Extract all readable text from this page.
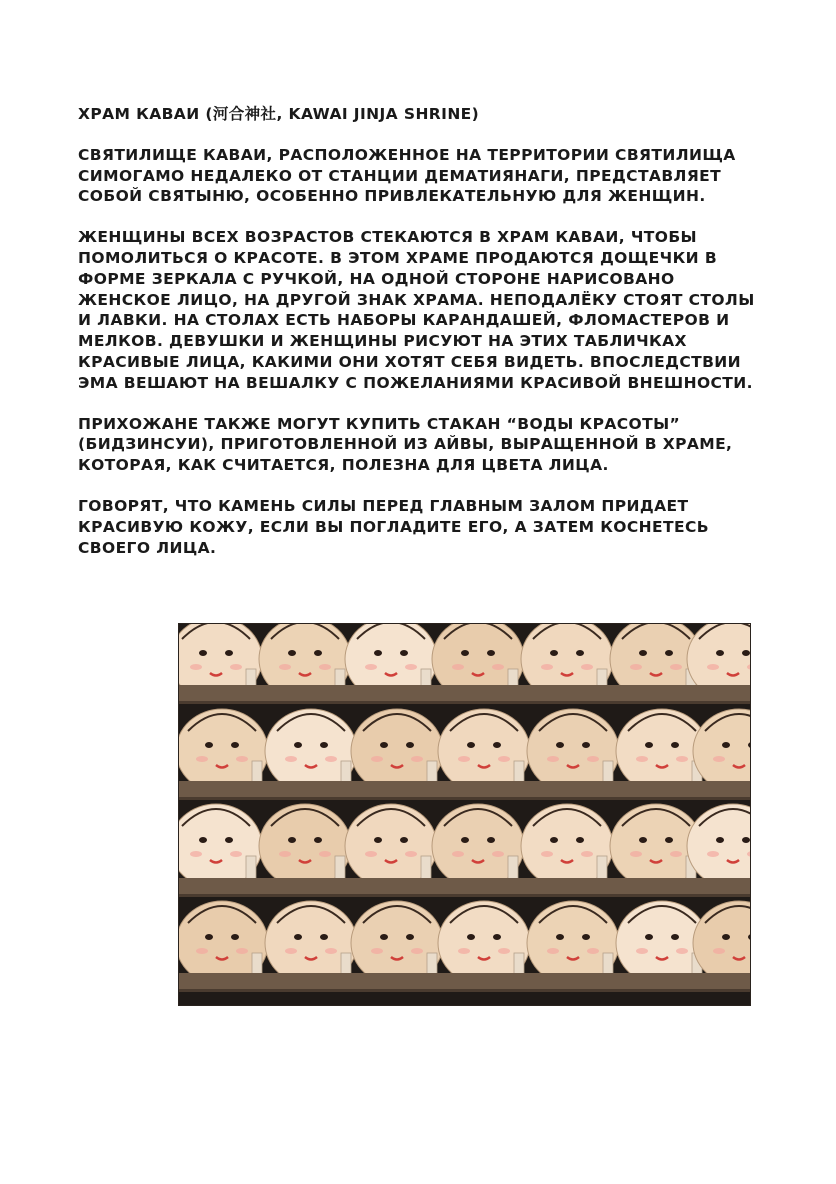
ХРАМ КАВАИ (河合神社, KAWAI JINJA SHRINE)

СВЯТИЛИЩЕ КАВАИ, РАСПОЛОЖЕННОЕ НА ТЕРРИТОРИИ СВЯТИЛИЩА СИМОГАМО НЕДАЛЕКО ОТ СТАНЦИИ ДЕМАТИЯНАГИ, ПРЕДСТАВЛЯЕТ СОБОЙ СВЯТЫНЮ, ОСОБЕННО ПРИВЛЕКАТЕЛЬНУЮ ДЛЯ ЖЕНЩИН.

ЖЕНЩИНЫ ВСЕХ ВОЗРАСТОВ СТЕКАЮТСЯ В ХРАМ КАВАИ, ЧТОБЫ ПОМОЛИТЬСЯ О КРАСОТЕ. В ЭТОМ ХРАМЕ ПРОДАЮТСЯ ДОЩЕЧКИ В ФОРМЕ ЗЕРКАЛА С РУЧКОЙ, НА ОДНОЙ СТОРОНЕ НАРИСОВАНО ЖЕНСКОЕ ЛИЦО, НА ДРУГОЙ ЗНАК ХРАМА. НЕПОДАЛЁКУ СТОЯТ СТОЛЫ И ЛАВКИ. НА СТОЛАХ ЕСТЬ НАБОРЫ КАРАНДАШЕЙ, ФЛОМАСТЕРОВ И МЕЛКОВ. ДЕВУШКИ И ЖЕНЩИНЫ РИСУЮТ НА ЭТИХ ТАБЛИЧКАХ КРАСИВЫЕ ЛИЦА, КАКИМИ ОНИ ХОТЯТ СЕБЯ ВИДЕТЬ. ВПОСЛЕДСТВИИ ЭМА ВЕШАЮТ НА ВЕШАЛКУ С ПОЖЕЛАНИЯМИ КРАСИВОЙ ВНЕШНОСТИ.

ПРИХОЖАНЕ ТАКЖЕ МОГУТ КУПИТЬ СТАКАН “ВОДЫ КРАСОТЫ” (БИДЗИНСУИ), ПРИГОТОВЛЕННОЙ ИЗ АЙВЫ, ВЫРАЩЕННОЙ В ХРАМЕ, КОТОРАЯ, КАК СЧИТАЕТСЯ, ПОЛЕЗНА ДЛЯ ЦВЕТА ЛИЦА.

ГОВОРЯТ, ЧТО КАМЕНЬ СИЛЫ ПЕРЕД ГЛАВНЫМ ЗАЛОМ ПРИДАЕТ КРАСИВУЮ КОЖУ, ЕСЛИ ВЫ ПОГЛАДИТЕ ЕГО, А ЗАТЕМ КОСНЕТЕСЬ СВОЕГО ЛИЦА.
